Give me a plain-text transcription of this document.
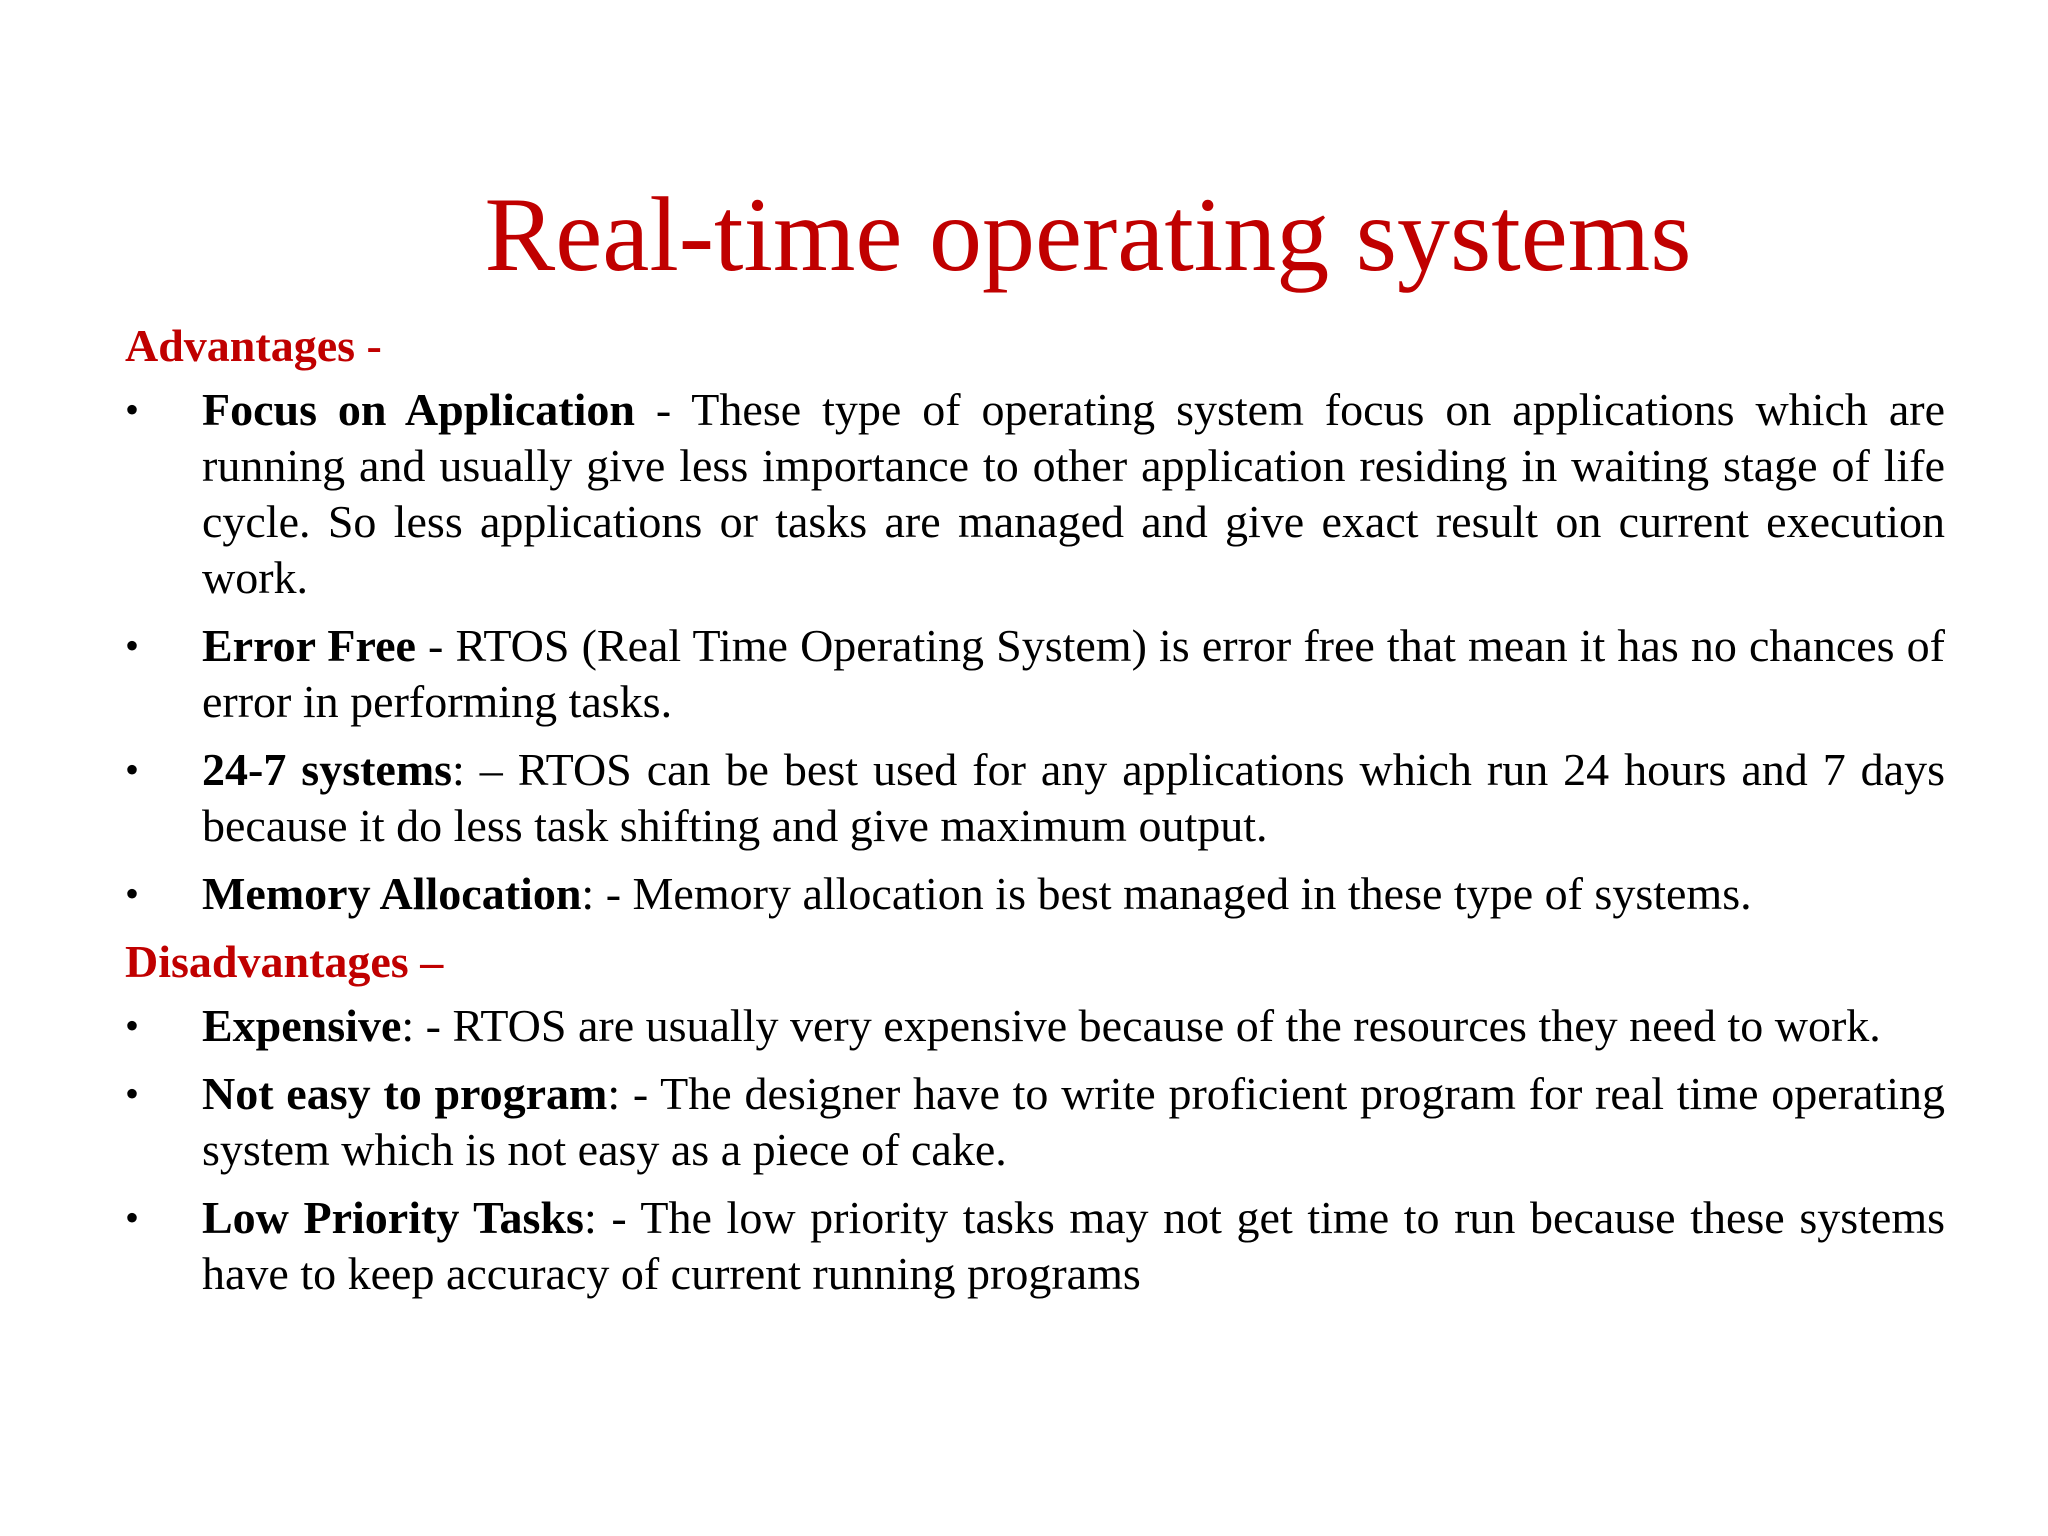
Real-time operating systems
Advantages -
• Focus on Application - These type of operating system focus on applications which are running and usually give less importance to other application residing in waiting stage of life cycle. So less applications or tasks are managed and give exact result on current execution work.
• Error Free - RTOS (Real Time Operating System) is error free that mean it has no chances of error in performing tasks.
• 24-7 systems: – RTOS can be best used for any applications which run 24 hours and 7 days because it do less task shifting and give maximum output.
• Memory Allocation: - Memory allocation is best managed in these type of systems.
Disadvantages –
• Expensive: - RTOS are usually very expensive because of the resources they need to work.
• Not easy to program: - The designer have to write proficient program for real time operating system which is not easy as a piece of cake.
• Low Priority Tasks: - The low priority tasks may not get time to run because these systems have to keep accuracy of current running programs
